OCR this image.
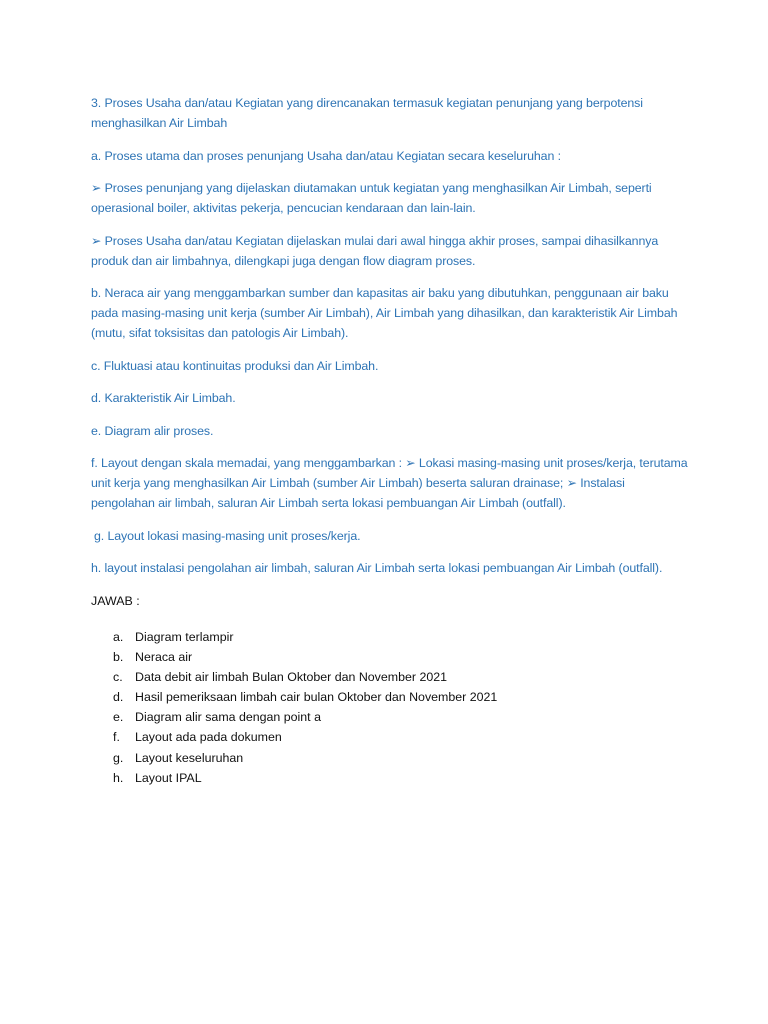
3. Proses Usaha dan/atau Kegiatan yang direncanakan termasuk kegiatan penunjang yang berpotensi menghasilkan Air Limbah

a. Proses utama dan proses penunjang Usaha dan/atau Kegiatan secara keseluruhan :

➢ Proses penunjang yang dijelaskan diutamakan untuk kegiatan yang menghasilkan Air Limbah, seperti operasional boiler, aktivitas pekerja, pencucian kendaraan dan lain-lain.

➢ Proses Usaha dan/atau Kegiatan dijelaskan mulai dari awal hingga akhir proses, sampai dihasilkannya produk dan air limbahnya, dilengkapi juga dengan flow diagram proses.

b. Neraca air yang menggambarkan sumber dan kapasitas air baku yang dibutuhkan, penggunaan air baku pada masing-masing unit kerja (sumber Air Limbah), Air Limbah yang dihasilkan, dan karakteristik Air Limbah (mutu, sifat toksisitas dan patologis Air Limbah).

c. Fluktuasi atau kontinuitas produksi dan Air Limbah.

d. Karakteristik Air Limbah.

e. Diagram alir proses.

f. Layout dengan skala memadai, yang menggambarkan : ➢ Lokasi masing-masing unit proses/kerja, terutama unit kerja yang menghasilkan Air Limbah (sumber Air Limbah) beserta saluran drainase; ➢ Instalasi pengolahan air limbah, saluran Air Limbah serta lokasi pembuangan Air Limbah (outfall).

g. Layout lokasi masing-masing unit proses/kerja.

h. layout instalasi pengolahan air limbah, saluran Air Limbah serta lokasi pembuangan Air Limbah (outfall).

JAWAB :

a. Diagram terlampir
b. Neraca air
c. Data debit air limbah Bulan Oktober dan November 2021
d. Hasil pemeriksaan limbah cair bulan Oktober dan November 2021
e. Diagram alir sama dengan point a
f.	Layout ada pada dokumen
g. Layout keseluruhan
h. Layout IPAL
